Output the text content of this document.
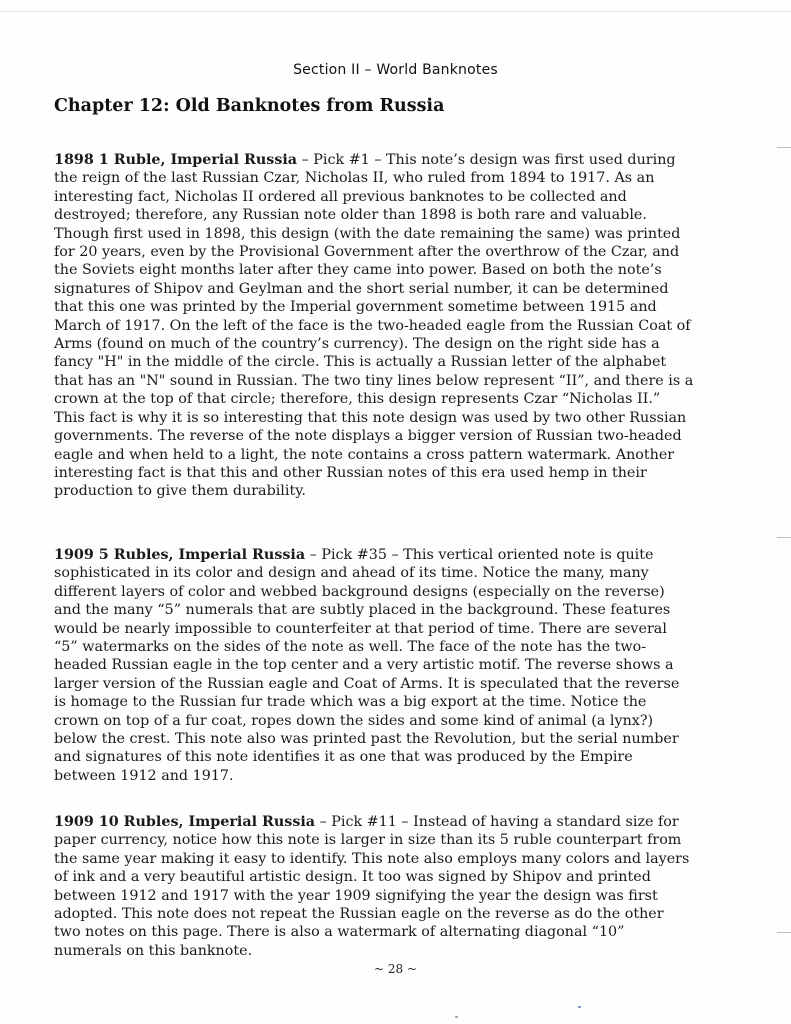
Section II – World Banknotes
Chapter 12: Old Banknotes from Russia

1898 1 Ruble, Imperial Russia – Pick #1 – This note’s design was first used during the reign of the last Russian Czar, Nicholas II, who ruled from 1894 to 1917. As an interesting fact, Nicholas II ordered all previous banknotes to be collected and destroyed; therefore, any Russian note older than 1898 is both rare and valuable. Though first used in 1898, this design (with the date remaining the same) was printed for 20 years, even by the Provisional Government after the overthrow of the Czar, and the Soviets eight months later after they came into power. Based on both the note’s signatures of Shipov and Geylman and the short serial number, it can be determined that this one was printed by the Imperial government sometime between 1915 and March of 1917. On the left of the face is the two-headed eagle from the Russian Coat of Arms (found on much of the country’s currency). The design on the right side has a fancy "H" in the middle of the circle. This is actually a Russian letter of the alphabet that has an "N" sound in Russian. The two tiny lines below represent “II”, and there is a crown at the top of that circle; therefore, this design represents Czar “Nicholas II.” This fact is why it is so interesting that this note design was used by two other Russian governments. The reverse of the note displays a bigger version of Russian two-headed eagle and when held to a light, the note contains a cross pattern watermark. Another interesting fact is that this and other Russian notes of this era used hemp in their production to give them durability.

1909 5 Rubles, Imperial Russia – Pick #35 – This vertical oriented note is quite sophisticated in its color and design and ahead of its time. Notice the many, many different layers of color and webbed background designs (especially on the reverse) and the many “5” numerals that are subtly placed in the background. These features would be nearly impossible to counterfeiter at that period of time. There are several “5” watermarks on the sides of the note as well. The face of the note has the two-headed Russian eagle in the top center and a very artistic motif. The reverse shows a larger version of the Russian eagle and Coat of Arms. It is speculated that the reverse is homage to the Russian fur trade which was a big export at the time. Notice the crown on top of a fur coat, ropes down the sides and some kind of animal (a lynx?) below the crest. This note also was printed past the Revolution, but the serial number and signatures of this note identifies it as one that was produced by the Empire between 1912 and 1917.

1909 10 Rubles, Imperial Russia – Pick #11 – Instead of having a standard size for paper currency, notice how this note is larger in size than its 5 ruble counterpart from the same year making it easy to identify. This note also employs many colors and layers of ink and a very beautiful artistic design. It too was signed by Shipov and printed between 1912 and 1917 with the year 1909 signifying the year the design was first adopted. This note does not repeat the Russian eagle on the reverse as do the other two notes on this page. There is also a watermark of alternating diagonal “10” numerals on this banknote.

~ 28 ~
